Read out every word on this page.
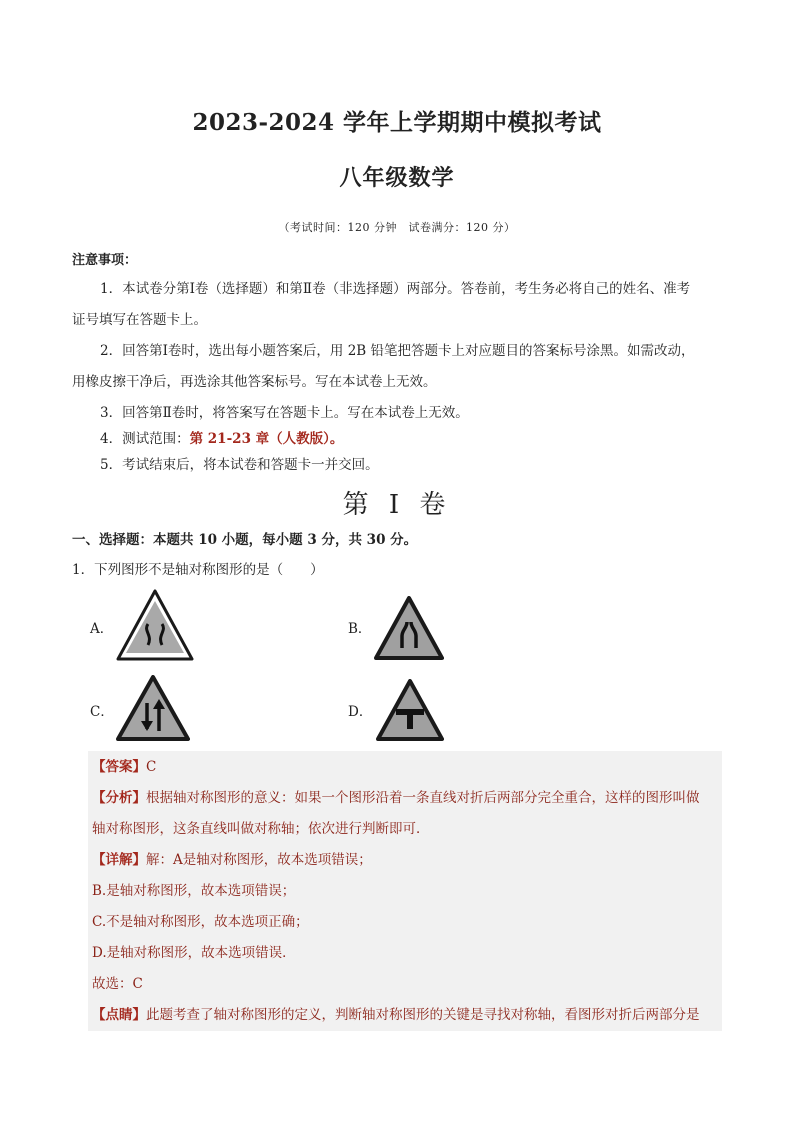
2023-2024 学年上学期期中模拟考试
八年级数学
（考试时间：120 分钟　试卷满分：120 分）
注意事项：
1．本试卷分第Ⅰ卷（选择题）和第Ⅱ卷（非选择题）两部分。答卷前，考生务必将自己的姓名、准考
证号填写在答题卡上。
2．回答第Ⅰ卷时，选出每小题答案后，用 2B 铅笔把答题卡上对应题目的答案标号涂黑。如需改动，
用橡皮擦干净后，再选涂其他答案标号。写在本试卷上无效。
3．回答第Ⅱ卷时，将答案写在答题卡上。写在本试卷上无效。
4．测试范围：第 21-23 章（人教版）。
5．考试结束后，将本试卷和答题卡一并交回。
第 I 卷
一、选择题：本题共 10 小题，每小题 3 分，共 30 分。
1．下列图形不是轴对称图形的是（　　）
A．	B．
C．	D．
【答案】C
【分析】根据轴对称图形的意义：如果一个图形沿着一条直线对折后两部分完全重合，这样的图形叫做
轴对称图形，这条直线叫做对称轴；依次进行判断即可．
【详解】解：A是轴对称图形，故本选项错误；
B.是轴对称图形，故本选项错误；
C.不是轴对称图形，故本选项正确；
D.是轴对称图形，故本选项错误．
故选：C
【点睛】此题考查了轴对称图形的定义，判断轴对称图形的关键是寻找对称轴，看图形对折后两部分是
